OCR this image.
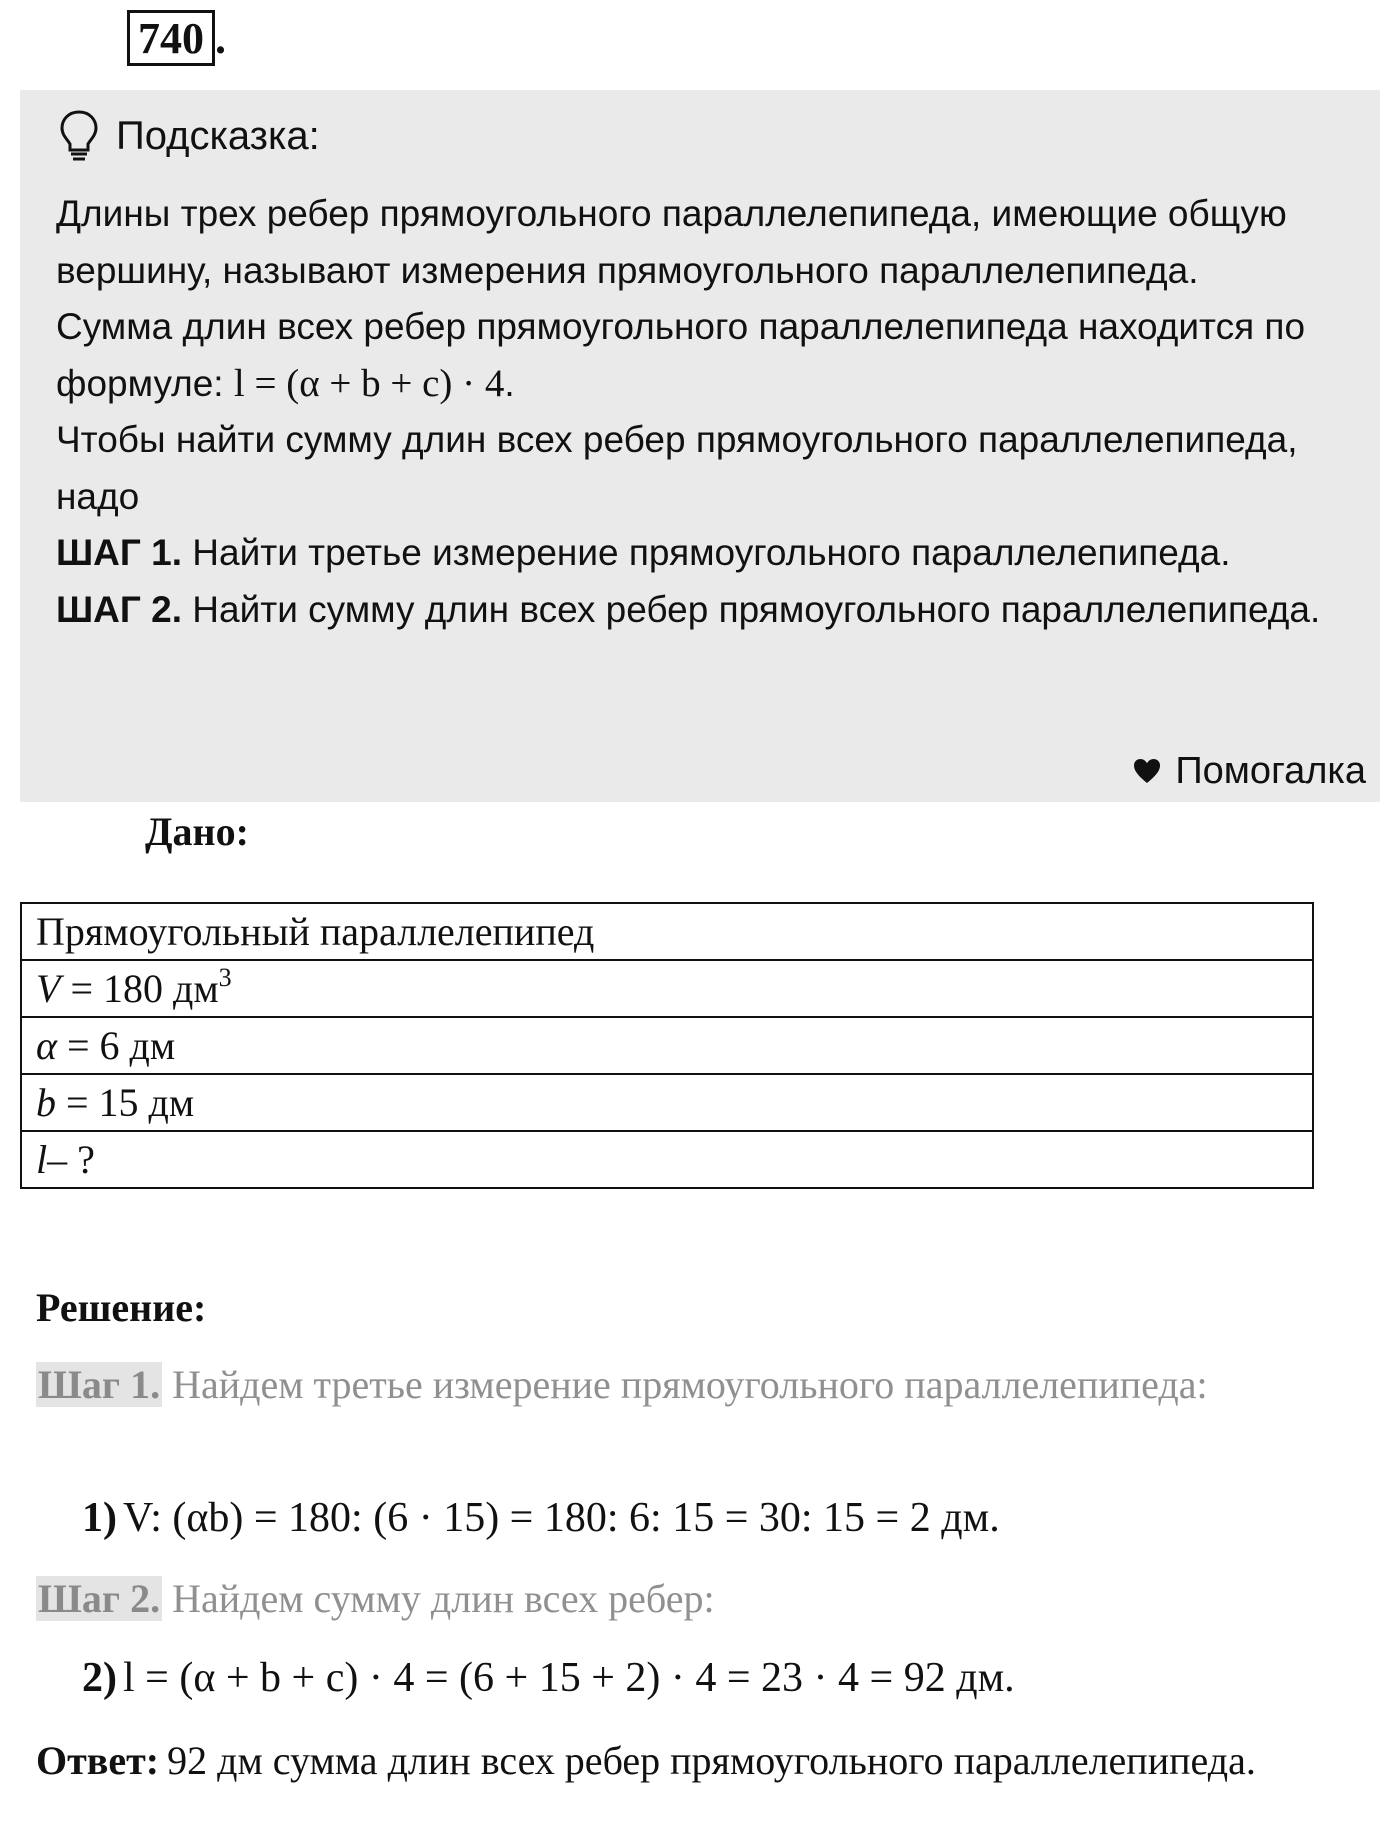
740 .
Подсказка:

Длины трех ребер прямоугольного параллелепипеда, имеющие общую вершину, называют измерения прямоугольного параллелепипеда.

Сумма длин всех ребер прямоугольного параллелепипеда находится по формуле: l = (α + b + c) · 4.

Чтобы найти сумму длин всех ребер прямоугольного параллелепипеда, надо

ШАГ 1. Найти третье измерение прямоугольного параллелепипеда.

ШАГ 2. Найти сумму длин всех ребер прямоугольного параллелепипеда.

Помогалка
Дано:
Прямоугольный параллелепипед
V = 180 $дм^3$
α = 6 дм
b = 15 дм
l– ?
Решение:
Шаг 1. Найдем третье измерение прямоугольного параллелепипеда:
1) V: (αb) = 180: (6 · 15) = 180: 6: 15 = 30: 15 = 2 дм.
Шаг 2. Найдем сумму длин всех ребер:
2) l = (α + b + c) · 4 = (6 + 15 + 2) · 4 = 23 · 4 = 92 дм.
Ответ: 92 дм сумма длин всех ребер прямоугольного параллелепипеда.
